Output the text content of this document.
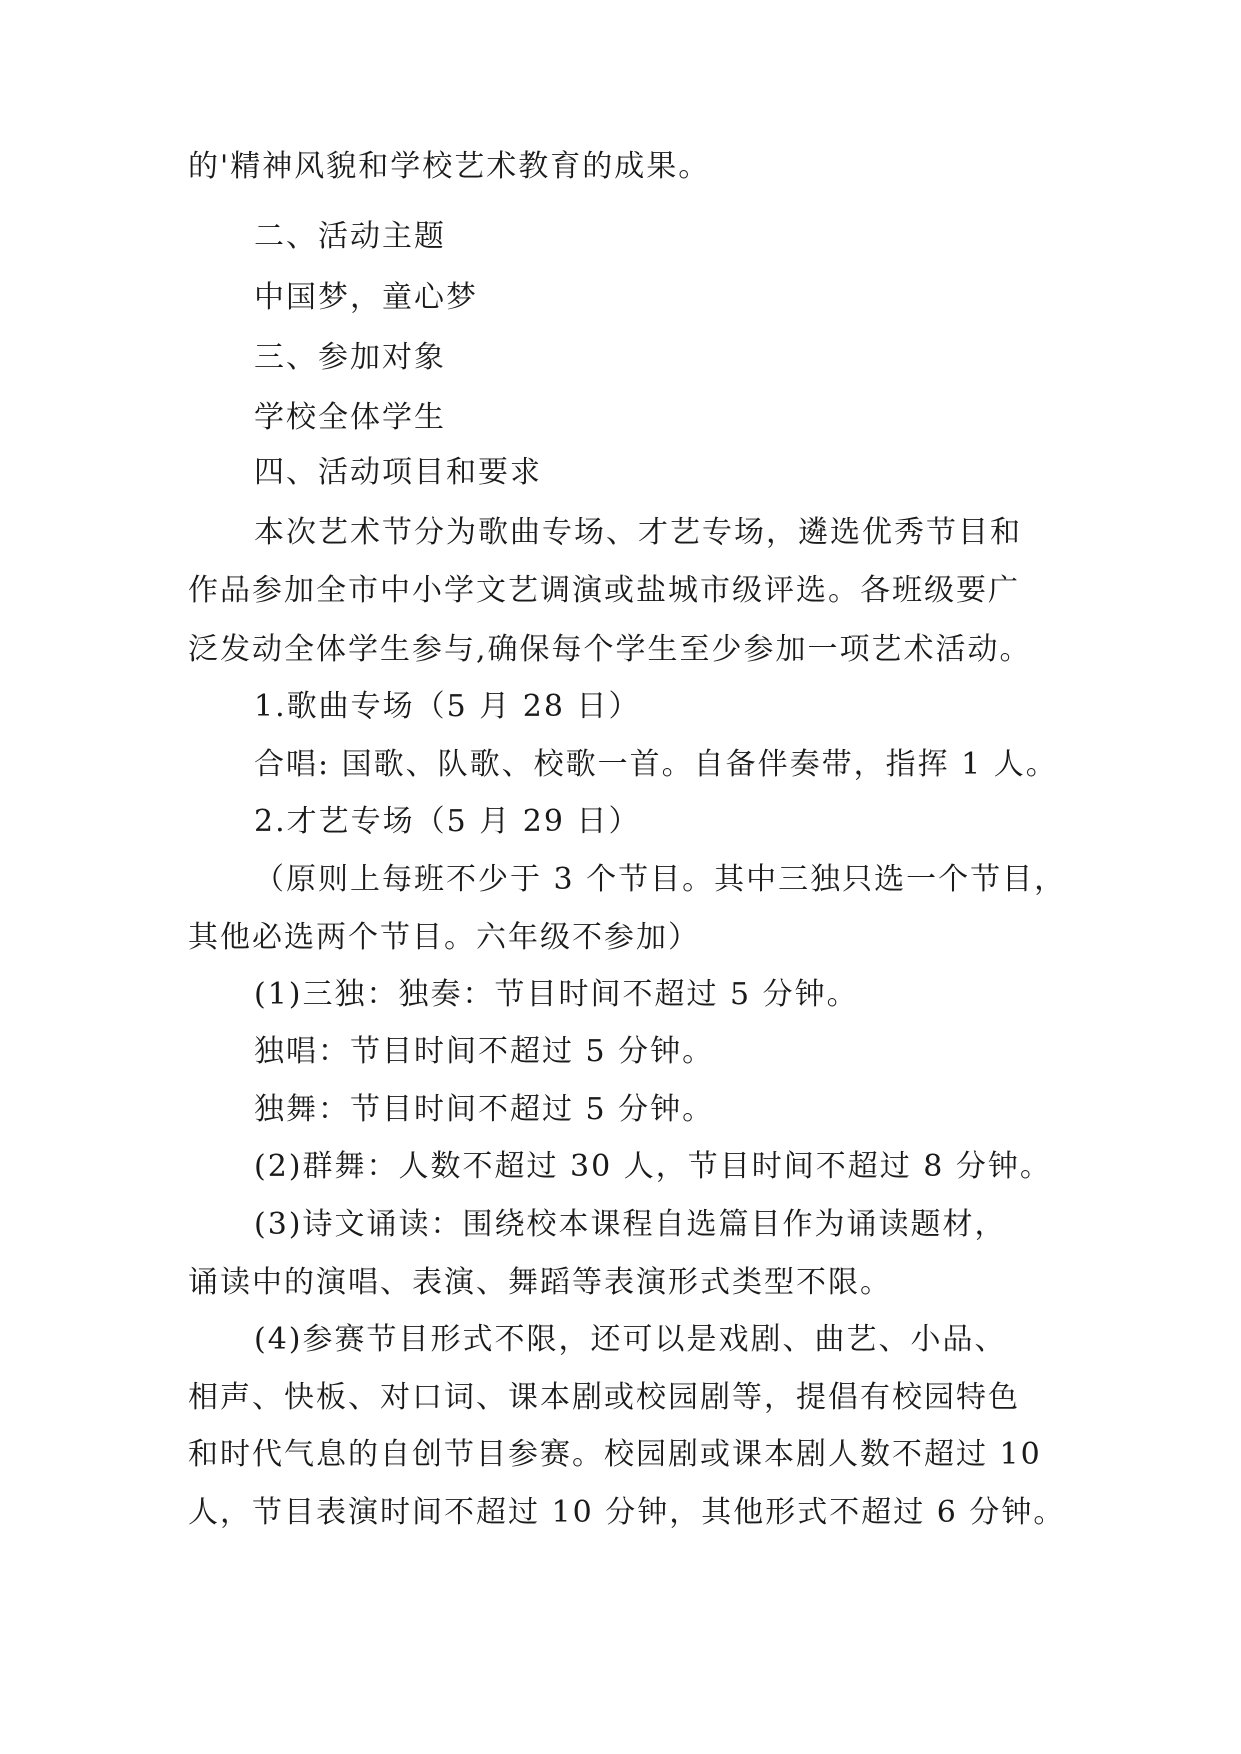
的'精神风貌和学校艺术教育的成果。
二、活动主题
中国梦，童心梦
三、参加对象
学校全体学生
四、活动项目和要求
本次艺术节分为歌曲专场、才艺专场，遴选优秀节目和
作品参加全市中小学文艺调演或盐城市级评选。各班级要广
泛发动全体学生参与,确保每个学生至少参加一项艺术活动。
1.歌曲专场（5 月 28 日）
合唱: 国歌、队歌、校歌一首。自备伴奏带，指挥 1 人。
2.才艺专场（5 月 29 日）
（原则上每班不少于 3 个节目。其中三独只选一个节目，
其他必选两个节目。六年级不参加）
(1)三独：独奏：节目时间不超过 5 分钟。
独唱：节目时间不超过 5 分钟。
独舞：节目时间不超过 5 分钟。
(2)群舞：人数不超过 30 人，节目时间不超过 8 分钟。
(3)诗文诵读：围绕校本课程自选篇目作为诵读题材，
诵读中的演唱、表演、舞蹈等表演形式类型不限。
(4)参赛节目形式不限，还可以是戏剧、曲艺、小品、
相声、快板、对口词、课本剧或校园剧等，提倡有校园特色
和时代气息的自创节目参赛。校园剧或课本剧人数不超过 10
人，节目表演时间不超过 10 分钟，其他形式不超过 6 分钟。
